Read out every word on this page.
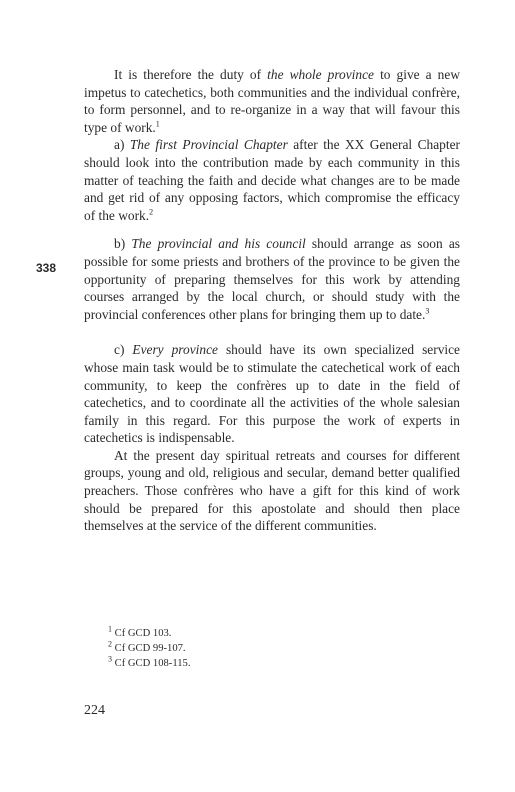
It is therefore the duty of the whole province to give a new impetus to catechetics, both communities and the individual confrère, to form personnel, and to re-organize in a way that will favour this type of work.$^1$

a) The first Provincial Chapter after the XX General Chapter should look into the contribution made by each community in this matter of teaching the faith and decide what changes are to be made and get rid of any opposing factors, which compromise the efficacy of the work.$^2$

b) The provincial and his council should arrange as soon as possible for some priests and brothers of the province to be given the opportunity of preparing themselves for this work by attending courses arranged by the local church, or should study with the provincial conferences other plans for bringing them up to date.$^3$

c) Every province should have its own specialized service whose main task would be to stimulate the catechetical work of each community, to keep the confrères up to date in the field of catechetics, and to coordinate all the activities of the whole salesian family in this regard. For this purpose the work of experts in catechetics is indispensable.

At the present day spiritual retreats and courses for different groups, young and old, religious and secular, demand better qualified preachers. Those confrères who have a gift for this kind of work should be prepared for this apostolate and should then place themselves at the service of the different communities.

338
$^1$ Cf GCD 103.
$^2$ Cf GCD 99-107.
$^3$ Cf GCD 108-115.
224
